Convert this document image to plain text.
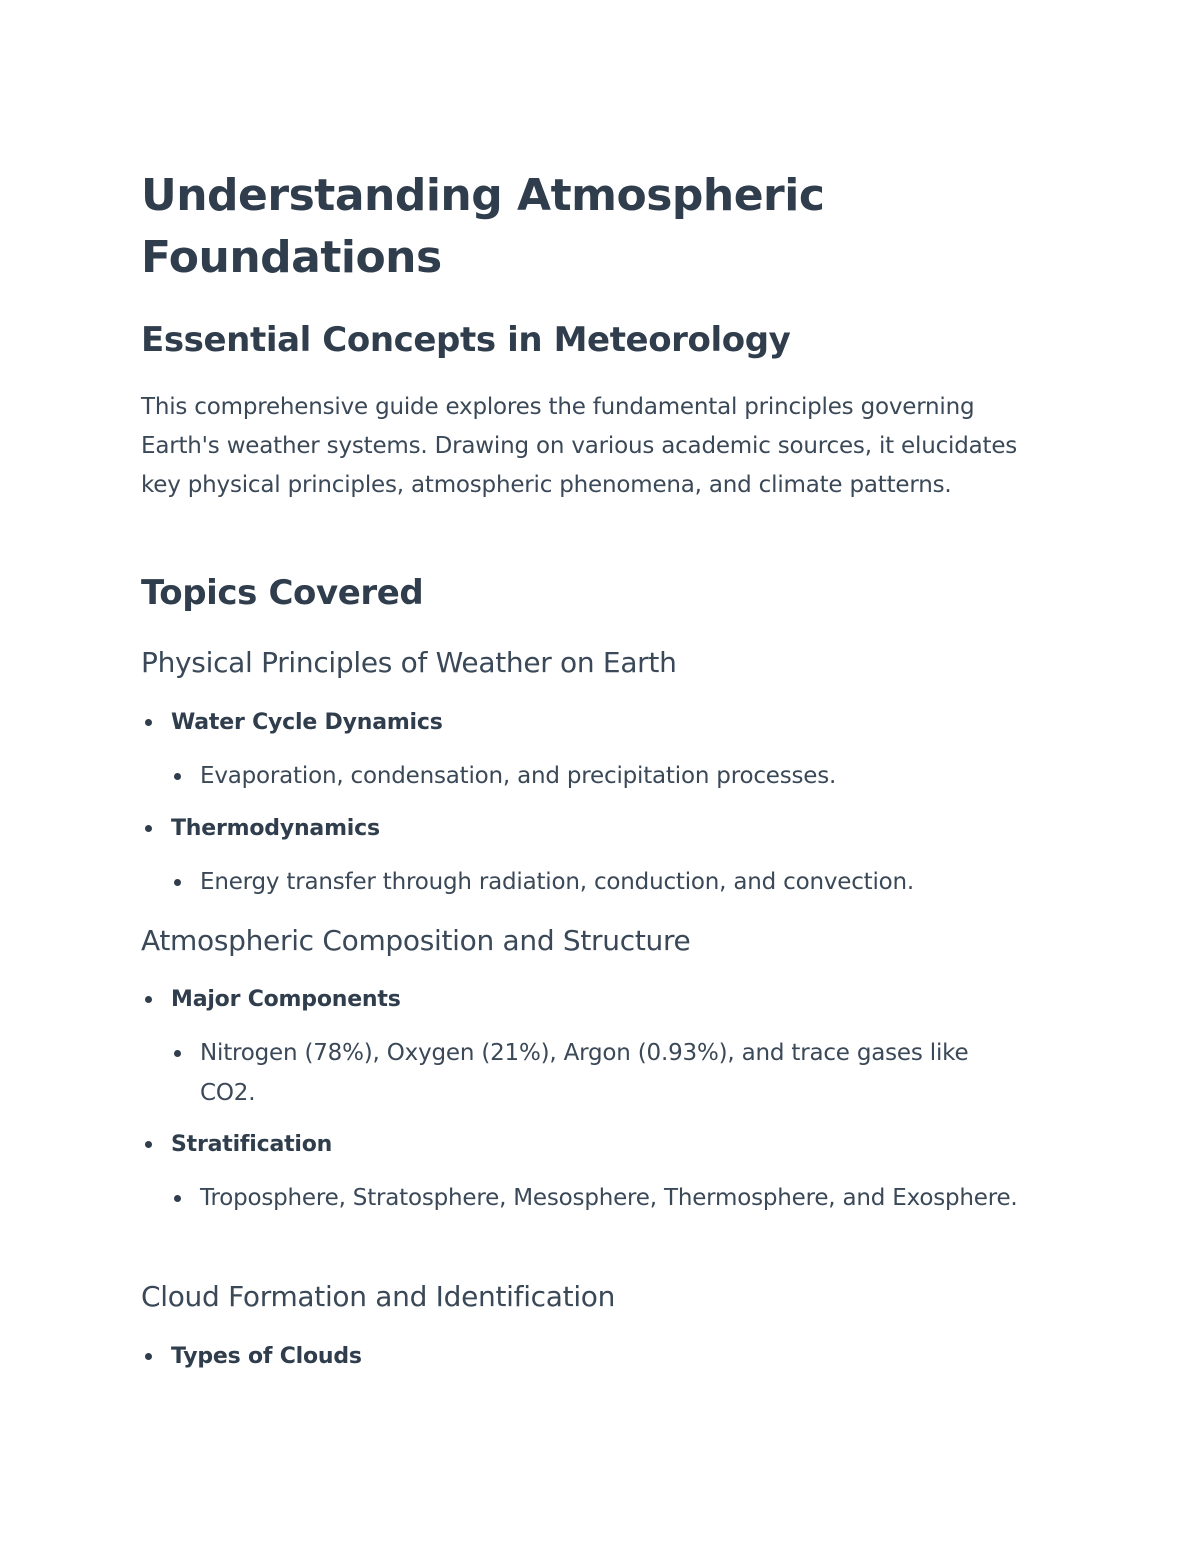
Understanding Atmospheric Foundations
Essential Concepts in Meteorology

This comprehensive guide explores the fundamental principles governing Earth's weather systems. Drawing on various academic sources, it elucidates key physical principles, atmospheric phenomena, and climate patterns.

Topics Covered
Physical Principles of Weather on Earth
Water Cycle Dynamics
Evaporation, condensation, and precipitation processes.
Thermodynamics
Energy transfer through radiation, conduction, and convection.
Atmospheric Composition and Structure
Major Components
Nitrogen (78%), Oxygen (21%), Argon (0.93%), and trace gases like CO2.
Stratification
Troposphere, Stratosphere, Mesosphere, Thermosphere, and Exosphere.
Cloud Formation and Identification
Types of Clouds
